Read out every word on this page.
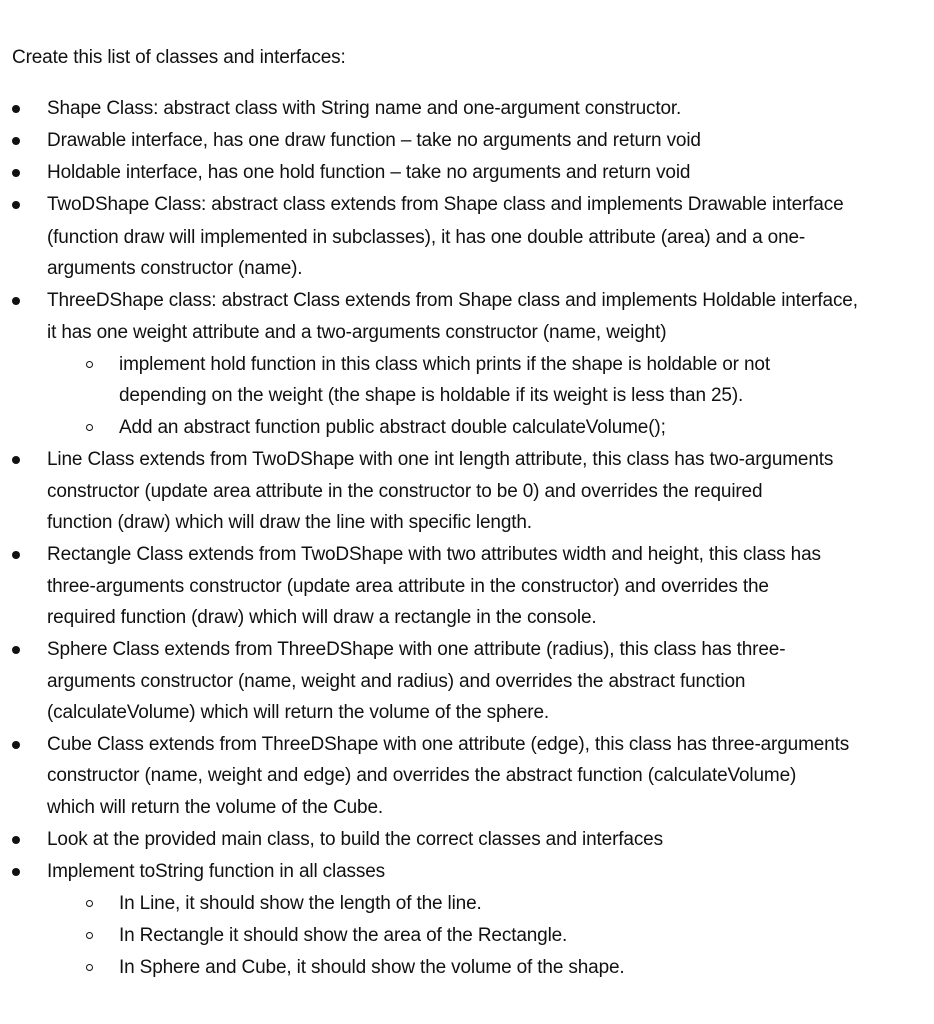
Create this list of classes and interfaces:
Shape Class: abstract class with String name and one-argument constructor.
Drawable interface, has one draw function – take no arguments and return void
Holdable interface, has one hold function – take no arguments and return void
TwoDShape Class: abstract class extends from Shape class and implements Drawable interface
(function draw will implemented in subclasses), it has one double attribute (area) and a one-
arguments constructor (name).
ThreeDShape class: abstract Class extends from Shape class and implements Holdable interface,
it has one weight attribute and a two-arguments constructor (name, weight)
implement hold function in this class which prints if the shape is holdable or not
depending on the weight (the shape is holdable if its weight is less than 25).
Add an abstract function public abstract double calculateVolume();
Line Class extends from TwoDShape with one int length attribute, this class has two-arguments
constructor (update area attribute in the constructor to be 0) and overrides the required
function (draw) which will draw the line with specific length.
Rectangle Class extends from TwoDShape with two attributes width and height, this class has
three-arguments constructor (update area attribute in the constructor) and overrides the
required function (draw) which will draw a rectangle in the console.
Sphere Class extends from ThreeDShape with one attribute (radius), this class has three-
arguments constructor (name, weight and radius) and overrides the abstract function
(calculateVolume) which will return the volume of the sphere.
Cube Class extends from ThreeDShape with one attribute (edge), this class has three-arguments
constructor (name, weight and edge) and overrides the abstract function (calculateVolume)
which will return the volume of the Cube.
Look at the provided main class, to build the correct classes and interfaces
Implement toString function in all classes
In Line, it should show the length of the line.
In Rectangle it should show the area of the Rectangle.
In Sphere and Cube, it should show the volume of the shape.
